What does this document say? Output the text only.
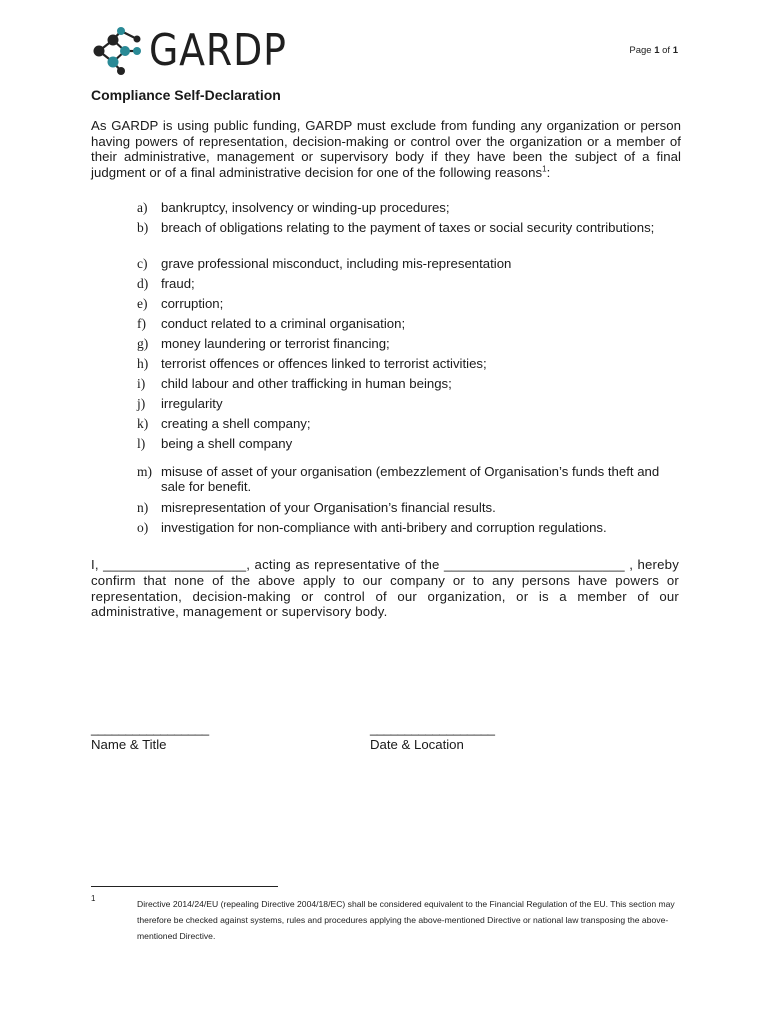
GARDP	Page 1 of 1
Compliance Self-Declaration
As GARDP is using public funding, GARDP must exclude from funding any organization or person having powers of representation, decision-making or control over the organization or a member of their administrative, management or supervisory body if they have been the subject of a final judgment or of a final administrative decision for one of the following reasons$^1$:
a) bankruptcy, insolvency or winding-up procedures;
b) breach of obligations relating to the payment of taxes or social security contributions;
c) grave professional misconduct, including mis-representation
d) fraud;
e) corruption;
f) conduct related to a criminal organisation;
g) money laundering or terrorist financing;
h) terrorist offences or offences linked to terrorist activities;
i) child labour and other trafficking in human beings;
j) irregularity
k) creating a shell company;
l) being a shell company
m) misuse of asset of your organisation (embezzlement of Organisation’s funds theft and sale for benefit.
n) misrepresentation of your Organisation’s financial results.
o) investigation for non-compliance with anti-bribery and corruption regulations.
I, ___________________, acting as representative of the ________________________ , hereby confirm that none of the above apply to our company or to any persons have powers or representation, decision-making or control of our organization, or is a member of our administrative, management or supervisory body.
_________________
Name & Title
__________________
Date & Location
1
Directive 2014/24/EU (repealing Directive 2004/18/EC) shall be considered equivalent to the Financial Regulation of the EU. This section may therefore be checked against systems, rules and procedures applying the above-mentioned Directive or national law transposing the above-mentioned Directive.
